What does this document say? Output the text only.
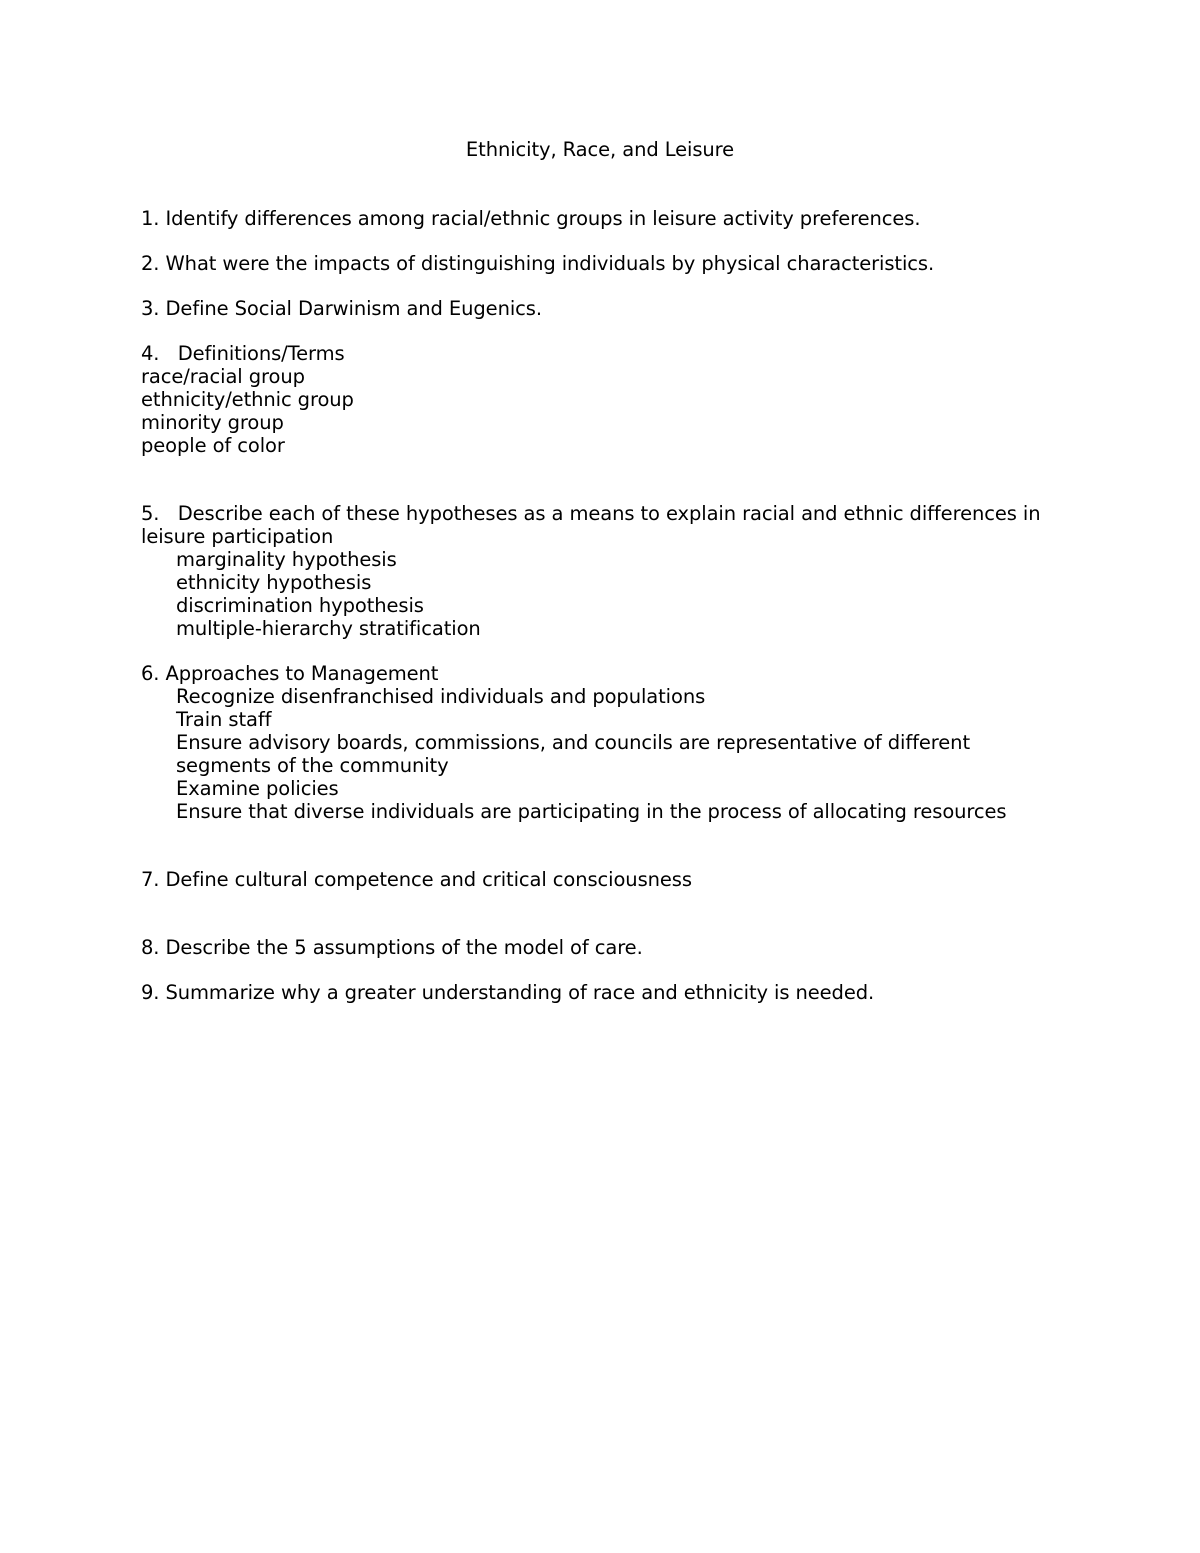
Ethnicity, Race, and Leisure
1. Identify differences among racial/ethnic groups in leisure activity preferences.
2. What were the impacts of distinguishing individuals by physical characteristics.
3. Define Social Darwinism and Eugenics.
4.   Definitions/Terms
race/racial group
ethnicity/ethnic group
minority group
people of color
5.   Describe each of these hypotheses as a means to explain racial and ethnic differences in
leisure participation
marginality hypothesis
ethnicity hypothesis
discrimination hypothesis
multiple-hierarchy stratification
6. Approaches to Management
Recognize disenfranchised individuals and populations
Train staff
Ensure advisory boards, commissions, and councils are representative of different
segments of the community
Examine policies
Ensure that diverse individuals are participating in the process of allocating resources
7. Define cultural competence and critical consciousness
8. Describe the 5 assumptions of the model of care.
9. Summarize why a greater understanding of race and ethnicity is needed.
